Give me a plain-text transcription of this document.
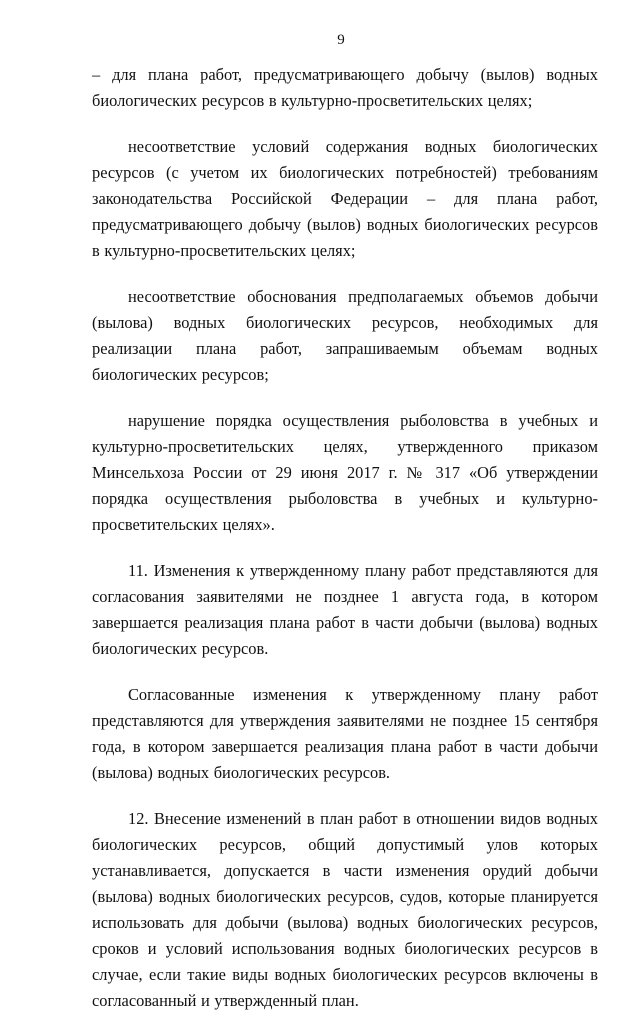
9

– для плана работ, предусматривающего добычу (вылов) водных биологических ресурсов в культурно-просветительских целях;

несоответствие условий содержания водных биологических ресурсов (с учетом их биологических потребностей) требованиям законодательства Российской Федерации – для плана работ, предусматривающего добычу (вылов) водных биологических ресурсов в культурно-просветительских целях;

несоответствие обоснования предполагаемых объемов добычи (вылова) водных биологических ресурсов, необходимых для реализации плана работ, запрашиваемым объемам водных биологических ресурсов;

нарушение порядка осуществления рыболовства в учебных и культурно-просветительских целях, утвержденного приказом Минсельхоза России от 29 июня 2017 г. № 317 «Об утверждении порядка осуществления рыболовства в учебных и культурно-просветительских целях».

11. Изменения к утвержденному плану работ представляются для согласования заявителями не позднее 1 августа года, в котором завершается реализация плана работ в части добычи (вылова) водных биологических ресурсов.

Согласованные изменения к утвержденному плану работ представляются для утверждения заявителями не позднее 15 сентября года, в котором завершается реализация плана работ в части добычи (вылова) водных биологических ресурсов.

12. Внесение изменений в план работ в отношении видов водных биологических ресурсов, общий допустимый улов которых устанавливается, допускается в части изменения орудий добычи (вылова) водных биологических ресурсов, судов, которые планируется использовать для добычи (вылова) водных биологических ресурсов, сроков и условий использования водных биологических ресурсов в случае, если такие виды водных биологических ресурсов включены в согласованный и утвержденный план.
